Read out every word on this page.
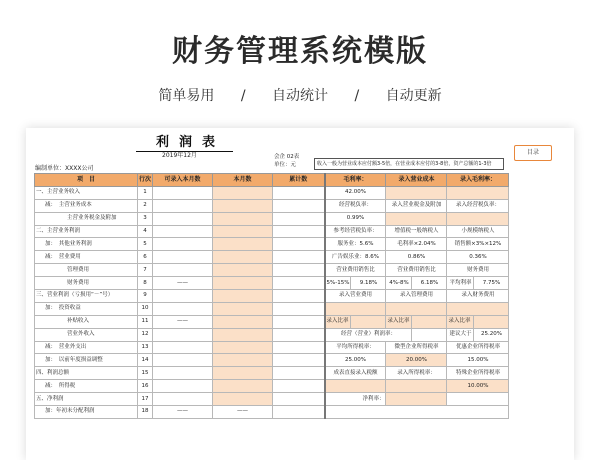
财务管理系统模版
简单易用 / 自动统计 / 自动更新
利润表
2019年12月
编制单位：XXXX公司
会企 02表
单位：元	收入一般为营业成本应付额3-5倍，在营业成本应付的3-8倍，资产总额的1-3倍
目录
项　目	行次	可录入本月数	本月数	累计数	毛利率：		录入营业成本		录入毛利率：	
一、主营业务收入	1				42.00%					
减：　主营业务成本	2				经营税负率：		录入营业税金及附加		录入经营税负率：	
主营业务税金及附加	3				0.99%					
二、主营业务利润	4				参考经营税负率：		增值税一般纳税人		小规模纳税人	
加：　其他业务利润	5				服务业：5.6%		毛利率×2.04%		销售额×3%×12%	
减：　营业费用	6				广告娱乐业：8.6%		0.86%		0.36%	
管理费用	7				营业费用销售比		营业费用销售比		财务费用	
财务费用	8	——			5%-15%	9.18%	4%-8%	6.18%	平均利率	7.75%
三、营业利润（亏损用“－”号）	9				录入营业费用		录入管理费用		录入财务费用	
加：　投资收益	10									
补贴收入	11	——			录入比率		录入比率		录入比率	
营业外收入	12				经营（营业）利润率：				建议大于	25.20%
减：　营业外支出	13				平均所得税率：		微型企业所得税率		优惠企业所得税率	
加：　以前年度损益调整	14				25.00%		20.00%		15.00%	
四、利润总额	15				成表直接录入税额		录入所得税率：		特殊企业所得税率	
减：　所得税	16								10.00%	
五、净利润	17				净利率：					
加：年初未分配利润	18	——	——							
